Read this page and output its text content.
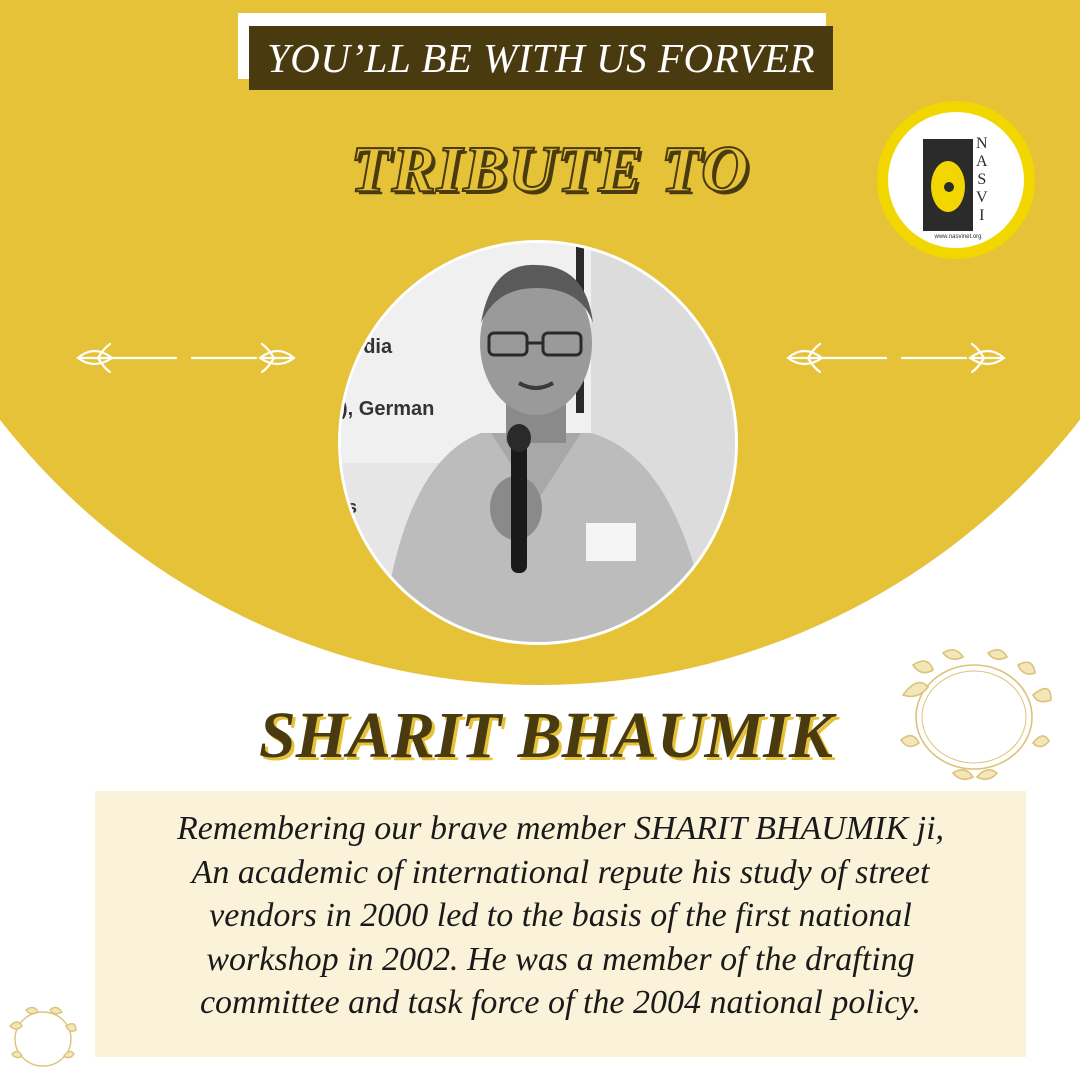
YOU’LL BE WITH US FORVER
TRIBUTE TO	N
A
S
V
I
www.nasvinet.org
ndia
), German
s
SHARIT BHAUMIK
Remembering our brave member SHARIT BHAUMIK ji,
An academic of international repute his study of street
vendors in 2000 led to the basis of the first national
workshop in 2002. He was a member of the drafting
committee and task force of the 2004 national policy.
